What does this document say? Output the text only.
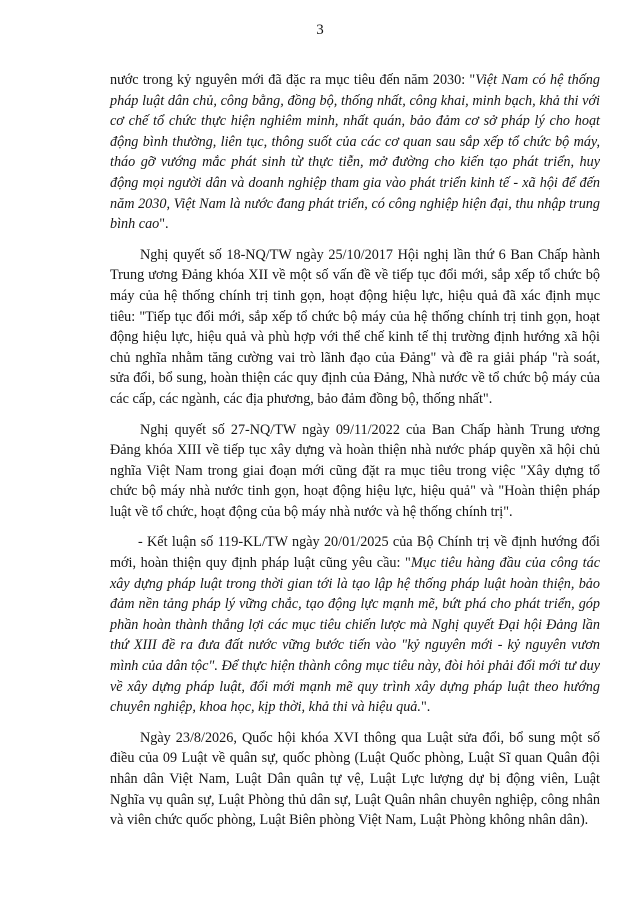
3

nước trong kỷ nguyên mới đã đặc ra mục tiêu đến năm 2030: "Việt Nam có hệ thống pháp luật dân chủ, công bằng, đồng bộ, thống nhất, công khai, minh bạch, khả thi với cơ chế tổ chức thực hiện nghiêm minh, nhất quán, bảo đảm cơ sở pháp lý cho hoạt động bình thường, liên tục, thông suốt của các cơ quan sau sắp xếp tổ chức bộ máy, tháo gỡ vướng mắc phát sinh từ thực tiễn, mở đường cho kiến tạo phát triển, huy động mọi người dân và doanh nghiệp tham gia vào phát triển kinh tế - xã hội để đến năm 2030, Việt Nam là nước đang phát triển, có công nghiệp hiện đại, thu nhập trung bình cao".

Nghị quyết số 18-NQ/TW ngày 25/10/2017 Hội nghị lần thứ 6 Ban Chấp hành Trung ương Đảng khóa XII về một số vấn đề về tiếp tục đổi mới, sắp xếp tổ chức bộ máy của hệ thống chính trị tinh gọn, hoạt động hiệu lực, hiệu quả đã xác định mục tiêu: "Tiếp tục đổi mới, sắp xếp tổ chức bộ máy của hệ thống chính trị tinh gọn, hoạt động hiệu lực, hiệu quả và phù hợp với thể chế kinh tế thị trường định hướng xã hội chủ nghĩa nhằm tăng cường vai trò lãnh đạo của Đảng" và đề ra giải pháp "rà soát, sửa đổi, bổ sung, hoàn thiện các quy định của Đảng, Nhà nước về tổ chức bộ máy của các cấp, các ngành, các địa phương, bảo đảm đồng bộ, thống nhất".

Nghị quyết số 27-NQ/TW ngày 09/11/2022 của Ban Chấp hành Trung ương Đảng khóa XIII về tiếp tục xây dựng và hoàn thiện nhà nước pháp quyền xã hội chủ nghĩa Việt Nam trong giai đoạn mới cũng đặt ra mục tiêu trong việc "Xây dựng tổ chức bộ máy nhà nước tinh gọn, hoạt động hiệu lực, hiệu quả" và "Hoàn thiện pháp luật về tổ chức, hoạt động của bộ máy nhà nước và hệ thống chính trị".

- Kết luận số 119-KL/TW ngày 20/01/2025 của Bộ Chính trị về định hướng đổi mới, hoàn thiện quy định pháp luật cũng yêu cầu: "Mục tiêu hàng đầu của công tác xây dựng pháp luật trong thời gian tới là tạo lập hệ thống pháp luật hoàn thiện, bảo đảm nền tảng pháp lý vững chắc, tạo động lực mạnh mẽ, bứt phá cho phát triển, góp phần hoàn thành thắng lợi các mục tiêu chiến lược mà Nghị quyết Đại hội Đảng lần thứ XIII đề ra đưa đất nước vững bước tiến vào "kỷ nguyên mới - kỷ nguyên vươn mình của dân tộc". Để thực hiện thành công mục tiêu này, đòi hỏi phải đổi mới tư duy về xây dựng pháp luật, đổi mới mạnh mẽ quy trình xây dựng pháp luật theo hướng chuyên nghiệp, khoa học, kịp thời, khả thi và hiệu quả.".

Ngày 23/8/2026, Quốc hội khóa XVI thông qua Luật sửa đổi, bổ sung một số điều của 09 Luật về quân sự, quốc phòng (Luật Quốc phòng, Luật Sĩ quan Quân đội nhân dân Việt Nam, Luật Dân quân tự vệ, Luật Lực lượng dự bị động viên, Luật Nghĩa vụ quân sự, Luật Phòng thủ dân sự, Luật Quân nhân chuyên nghiệp, công nhân và viên chức quốc phòng, Luật Biên phòng Việt Nam, Luật Phòng không nhân dân).
